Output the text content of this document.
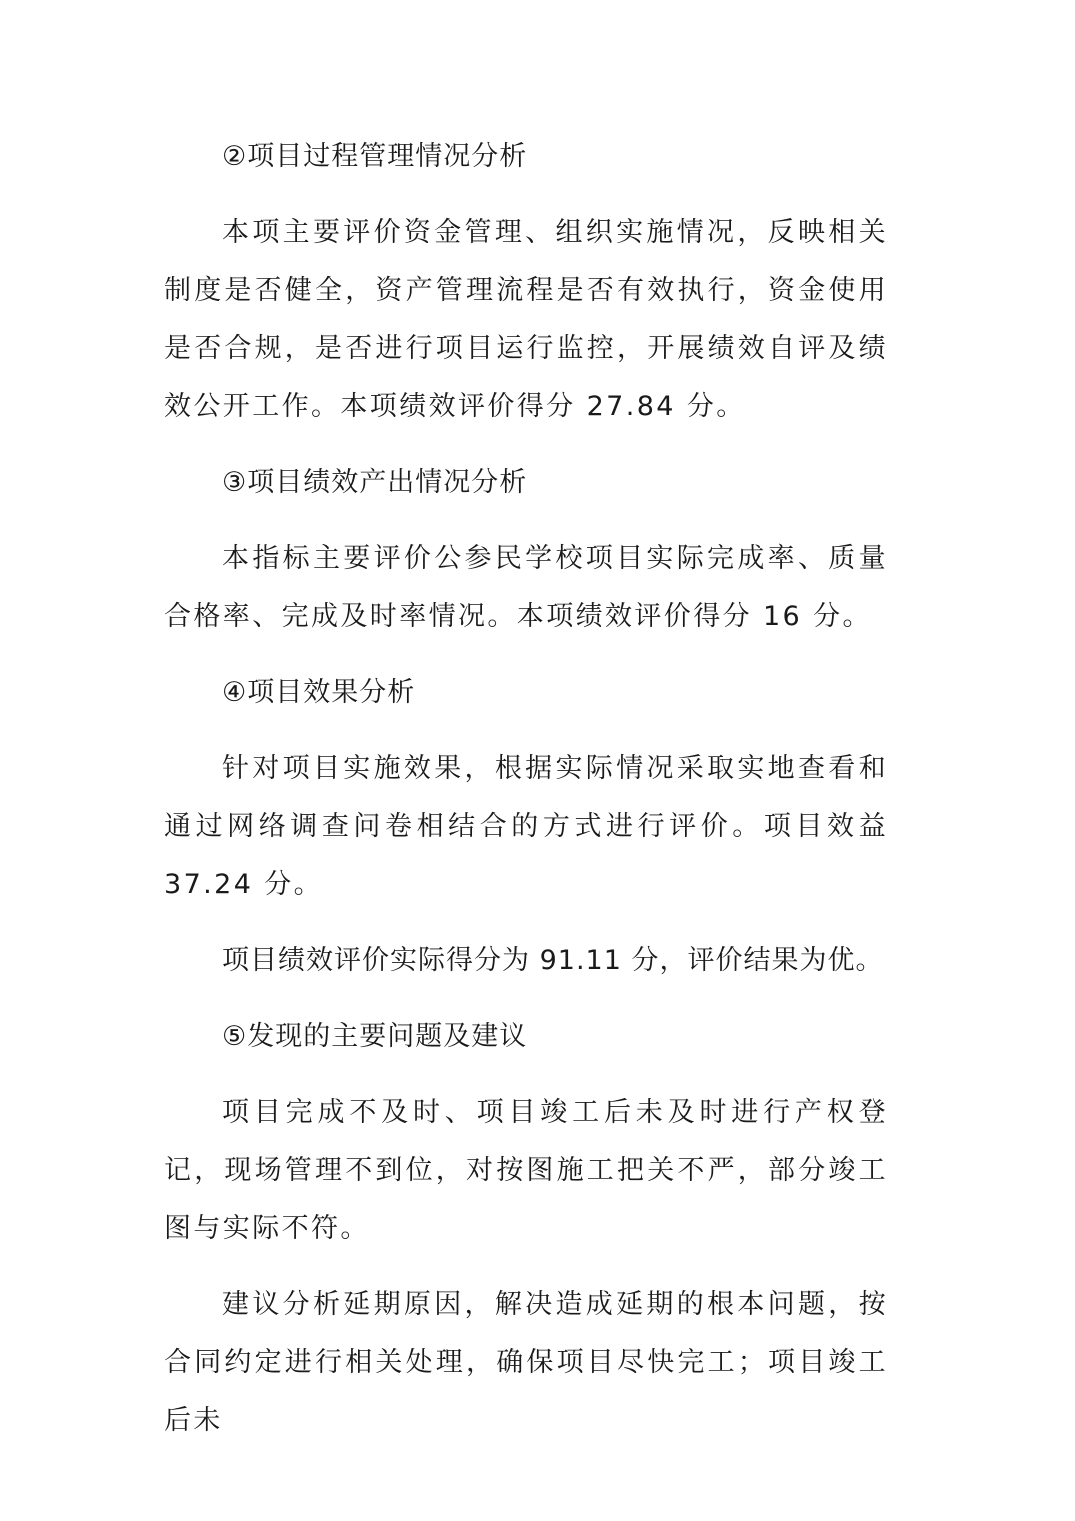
②项目过程管理情况分析

本项主要评价资金管理、组织实施情况，反映相关制度是否健全，资产管理流程是否有效执行，资金使用是否合规，是否进行项目运行监控，开展绩效自评及绩效公开工作。本项绩效评价得分 27.84 分。

③项目绩效产出情况分析

本指标主要评价公参民学校项目实际完成率、质量合格率、完成及时率情况。本项绩效评价得分 16 分。

④项目效果分析

针对项目实施效果，根据实际情况采取实地查看和通过网络调查问卷相结合的方式进行评价。项目效益 37.24 分。

项目绩效评价实际得分为 91.11 分，评价结果为优。

⑤发现的主要问题及建议

项目完成不及时、项目竣工后未及时进行产权登记，现场管理不到位，对按图施工把关不严，部分竣工图与实际不符。

建议分析延期原因，解决造成延期的根本问题，按合同约定进行相关处理，确保项目尽快完工；项目竣工后未
